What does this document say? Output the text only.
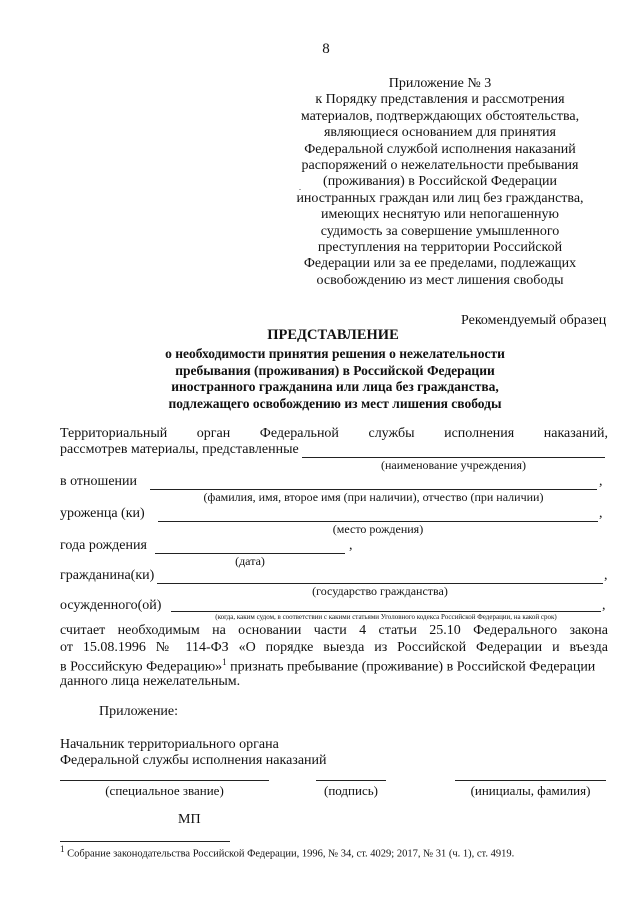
8
Приложение № 3
к Порядку представления и рассмотрения
материалов, подтверждающих обстоятельства,
являющиеся основанием для принятия
Федеральной службой исполнения наказаний
распоряжений о нежелательности пребывания
(проживания) в Российской Федерации
иностранных граждан или лиц без гражданства,
имеющих неснятую или непогашенную
судимость за совершение умышленного
преступления на территории Российской
Федерации или за ее пределами, подлежащих
освобождению из мест лишения свободы
.
Рекомендуемый образец
ПРЕДСТАВЛЕНИЕ
о необходимости принятия решения о нежелательности
пребывания (проживания) в Российской Федерации
иностранного гражданина или лица без гражданства,
подлежащего освобождению из мест лишения свободы
Территориальный орган Федеральной службы исполнения наказаний,
рассмотрев материалы, представленные
(наименование учреждения)
в отношении	,
(фамилия, имя, второе имя (при наличии), отчество (при наличии)
уроженца (ки)	,
(место рождения)
года рождения	,
(дата)
гражданина(ки)	,
(государство гражданства)
осужденного(ой)	,
(когда, каким судом, в соответствии с какими статьями Уголовного кодекса Российской Федерации, на какой срок)
считает необходимым на основании части 4 статьи 25.10 Федерального закона
от 15.08.1996 № 114-ФЗ «О порядке выезда из Российской Федерации и въезда
в Российскую Федерацию»$^1$ признать пребывание (проживание) в Российской Федерации
данного лица нежелательным.
Приложение:
Начальник территориального органа
Федеральной службы исполнения наказаний
(специальное звание)	(подпись)	(инициалы, фамилия)
МП
$^1$ Собрание законодательства Российской Федерации, 1996, № 34, ст. 4029; 2017, № 31 (ч. 1), ст. 4919.
